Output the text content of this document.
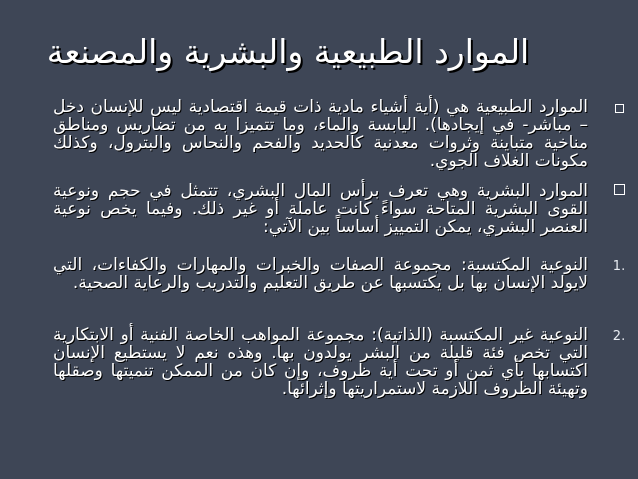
الموارد الطبيعية والبشرية والمصنعة
الموارد الطبيعية هي (أية أشياء مادية ذات قيمة اقتصادية ليس للإنسان دخل – مباشر- في إيجادها). اليابسة والماء، وما تتميزا به من تضاريس ومناطق مناخية متباينة وثروات معدنية كالحديد والفحم والنحاس والبترول، وكذلك مكونات الغلاف الجوي.
الموارد البشرية وهي تعرف برأس المال البشري، تتمثل في حجم ونوعية القوى البشرية المتاحة سواءً كانت عاملة أو غير ذلك. وفيما يخص نوعية العنصر البشري، يمكن التمييز أساساً بين الآتي:
1.
النوعية المكتسبة: مجموعة الصفات والخبرات والمهارات والكفاءات، التي لايولد الإنسان بها بل يكتسبها عن طريق التعليم والتدريب والرعاية الصحية.
2.
النوعية غير المكتسبة (الذاتية): مجموعة المواهب الخاصة الفنية أو الابتكارية التي تخص فئة قليلة من البشر يولدون بها. وهذه نعم لا يستطيع الإنسان اكتسابها بأي ثمن أو تحت أية ظروف، وإن كان من الممكن تنميتها وصقلها وتهيئة الظروف اللازمة لاستمراريتها وإثرائها.
